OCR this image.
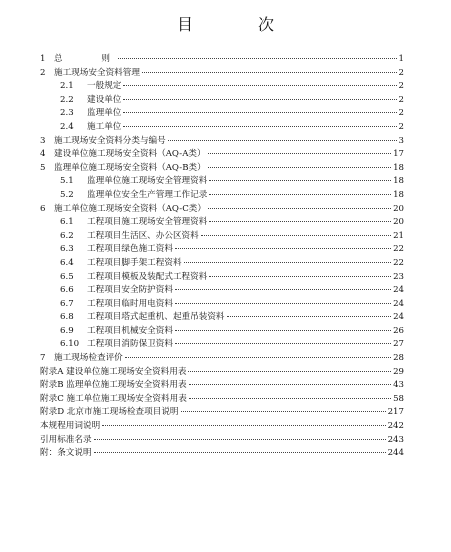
目 次
1 总 则	1
2 施工现场安全资料管理	2
2.1	一般规定	2
2.2	建设单位	2
2.3	监理单位	2
2.4	施工单位	2
3 施工现场安全资料分类与编号	3
4 建设单位施工现场安全资料（AQ-A类）	17
5 监理单位施工现场安全资料（AQ-B类）	18
5.1	监理单位施工现场安全管理资料	18
5.2	监理单位安全生产管理工作记录	18
6 施工单位施工现场安全资料（AQ-C类）	20
6.1	工程项目施工现场安全管理资料	20
6.2	工程项目生活区、办公区资料	21
6.3	工程项目绿色施工资料	22
6.4	工程项目脚手架工程资料	22
6.5	工程项目模板及装配式工程资料	23
6.6	工程项目安全防护资料	24
6.7	工程项目临时用电资料	24
6.8	工程项目塔式起重机、起重吊装资料	24
6.9	工程项目机械安全资料	26
6.10 工程项目消防保卫资料	27
7 施工现场检查评价	28
附录A 建设单位施工现场安全资料用表	29
附录B 监理单位施工现场安全资料用表	43
附录C 施工单位施工现场安全资料用表	58
附录D 北京市施工现场检查项目说明	217
本规程用词说明	242
引用标准名录	243
附：条文说明	244
